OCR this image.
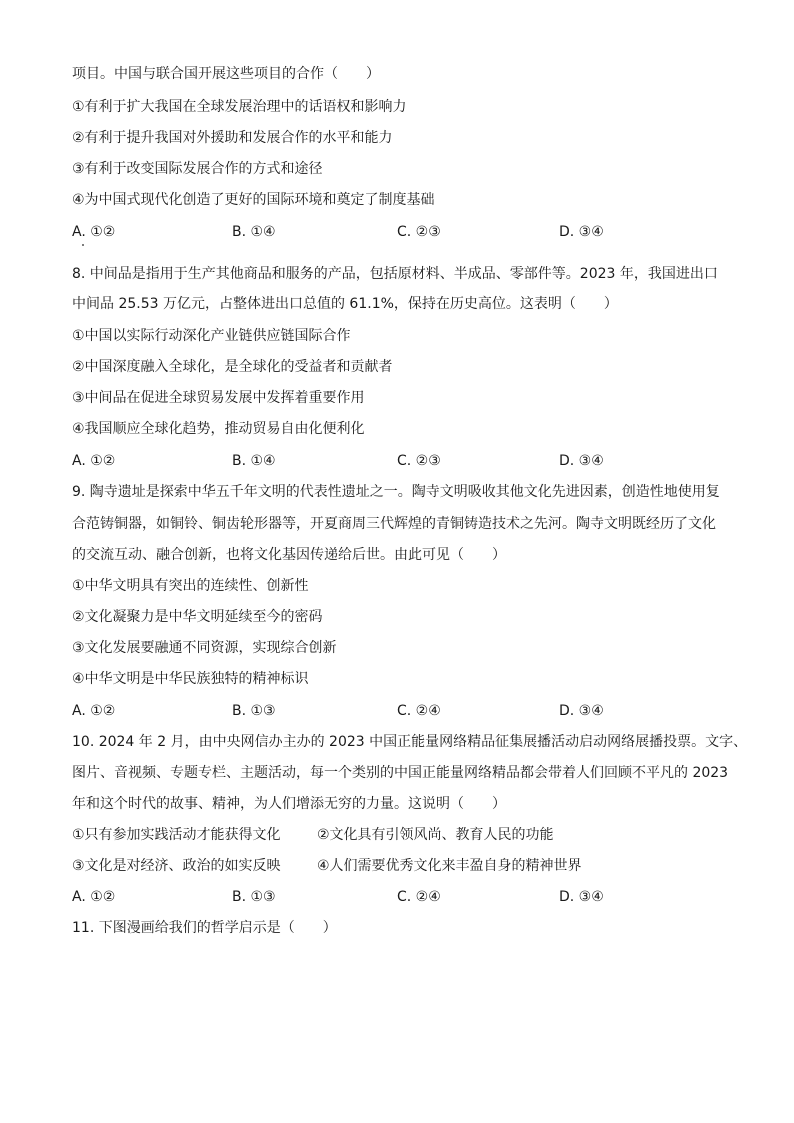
项目。中国与联合国开展这些项目的合作（　　）
①有利于扩大我国在全球发展治理中的话语权和影响力
②有利于提升我国对外援助和发展合作的水平和能力
③有利于改变国际发展合作的方式和途径
④为中国式现代化创造了更好的国际环境和奠定了制度基础
A. ①②	B. ①④	C. ②③	D. ③④
8. 中间品是指用于生产其他商品和服务的产品，包括原材料、半成品、零部件等。2023 年，我国进出口
中间品 25.53 万亿元，占整体进出口总值的 61.1%，保持在历史高位。这表明（　　）
①中国以实际行动深化产业链供应链国际合作
②中国深度融入全球化，是全球化的受益者和贡献者
③中间品在促进全球贸易发展中发挥着重要作用
④我国顺应全球化趋势，推动贸易自由化便利化
A. ①②	B. ①④	C. ②③	D. ③④
9. 陶寺遗址是探索中华五千年文明的代表性遗址之一。陶寺文明吸收其他文化先进因素，创造性地使用复
合范铸铜器，如铜铃、铜齿轮形器等，开夏商周三代辉煌的青铜铸造技术之先河。陶寺文明既经历了文化
的交流互动、融合创新，也将文化基因传递给后世。由此可见（　　）
①中华文明具有突出的连续性、创新性
②文化凝聚力是中华文明延续至今的密码
③文化发展要融通不同资源，实现综合创新
④中华文明是中华民族独特的精神标识
A. ①②	B. ①③	C. ②④	D. ③④
10. 2024 年 2 月，由中央网信办主办的 2023 中国正能量网络精品征集展播活动启动网络展播投票。文字、
图片、音视频、专题专栏、主题活动，每一个类别的中国正能量网络精品都会带着人们回顾不平凡的 2023
年和这个时代的故事、精神，为人们增添无穷的力量。这说明（　　）
①只有参加实践活动才能获得文化	②文化具有引领风尚、教育人民的功能
③文化是对经济、政治的如实反映	④人们需要优秀文化来丰盈自身的精神世界
A. ①②	B. ①③	C. ②④	D. ③④
11. 下图漫画给我们的哲学启示是（　　）
